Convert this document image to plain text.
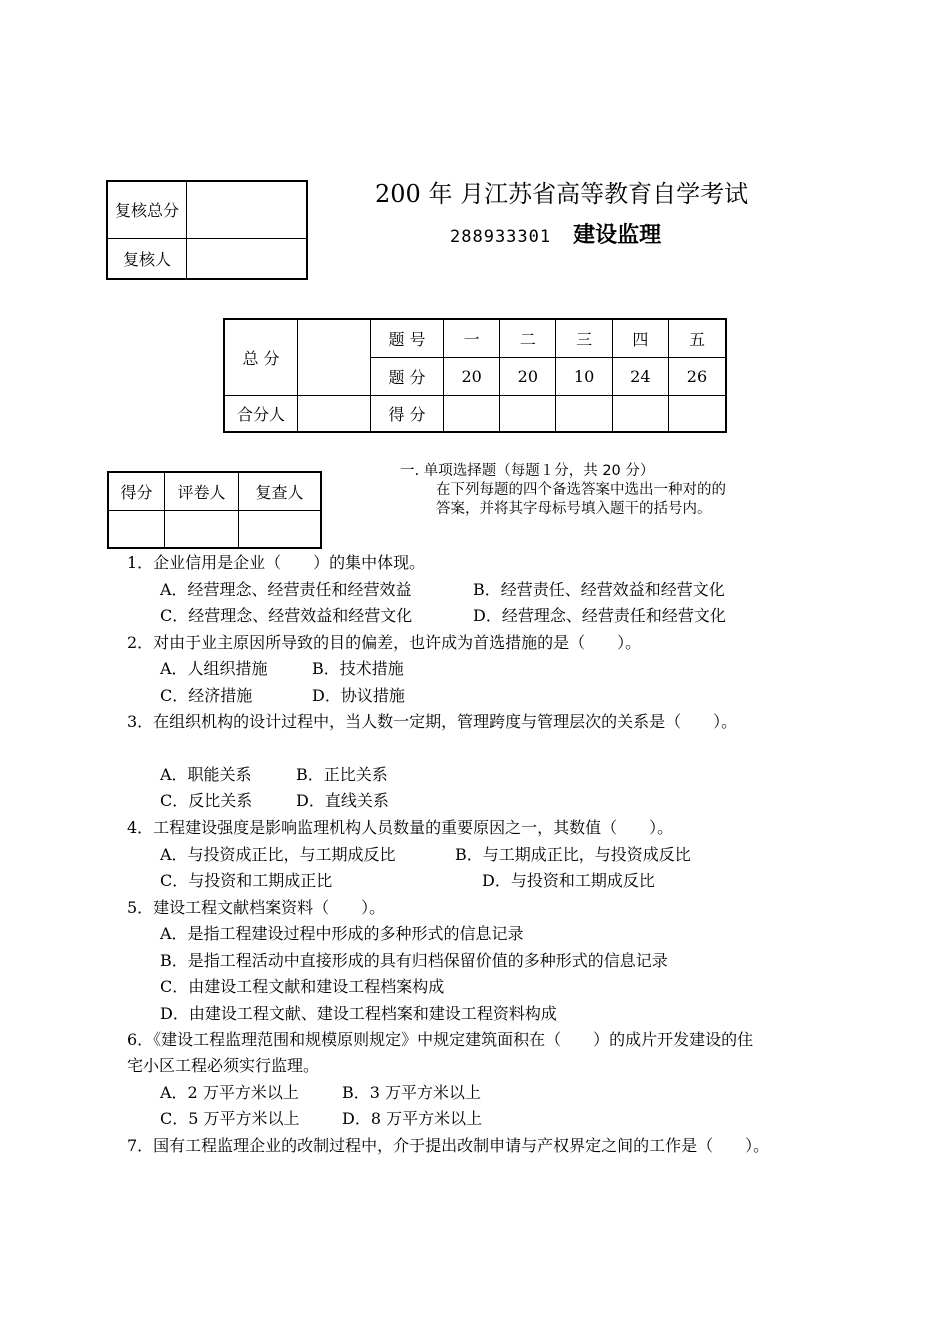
复核总分	
复核人	
200 年 月江苏省高等教育自学考试
288933301 建设监理
总 分		题 号	一	二	三	四	五
		题 分	20	20	10	24	26
合分人		得 分					
得分	评卷人	复查人

一. 单项选择题（每题１分，共 20 分）
在下列每题的四个备选答案中选出一种对的的
答案，并将其字母标号填入题干的括号内。
1．企业信用是企业（　　）的集中体现。
A．经营理念、经营责任和经营效益	B．经营责任、经营效益和经营文化
C．经营理念、经营效益和经营文化	D．经营理念、经营责任和经营文化
2．对由于业主原因所导致的目的偏差，也许成为首选措施的是（　　）。
A．人组织措施	B．技术措施
C．经济措施	D．协议措施
3．在组织机构的设计过程中，当人数一定期，管理跨度与管理层次的关系是（　　）。
A．职能关系	B．正比关系
C．反比关系	D．直线关系
4．工程建设强度是影响监理机构人员数量的重要原因之一，其数值（　　）。
A．与投资成正比，与工期成反比	B．与工期成正比，与投资成反比
C．与投资和工期成正比	D．与投资和工期成反比
5．建设工程文献档案资料（　　）。
A．是指工程建设过程中形成的多种形式的信息记录
B．是指工程活动中直接形成的具有归档保留价值的多种形式的信息记录
C．由建设工程文献和建设工程档案构成
D．由建设工程文献、建设工程档案和建设工程资料构成
6．《建设工程监理范围和规模原则规定》中规定建筑面积在（　　）的成片开发建设的住
宅小区工程必须实行监理。
A．2 万平方米以上	B．3 万平方米以上
C．5 万平方米以上	D．8 万平方米以上
7．国有工程监理企业的改制过程中，介于提出改制申请与产权界定之间的工作是（　　）。
